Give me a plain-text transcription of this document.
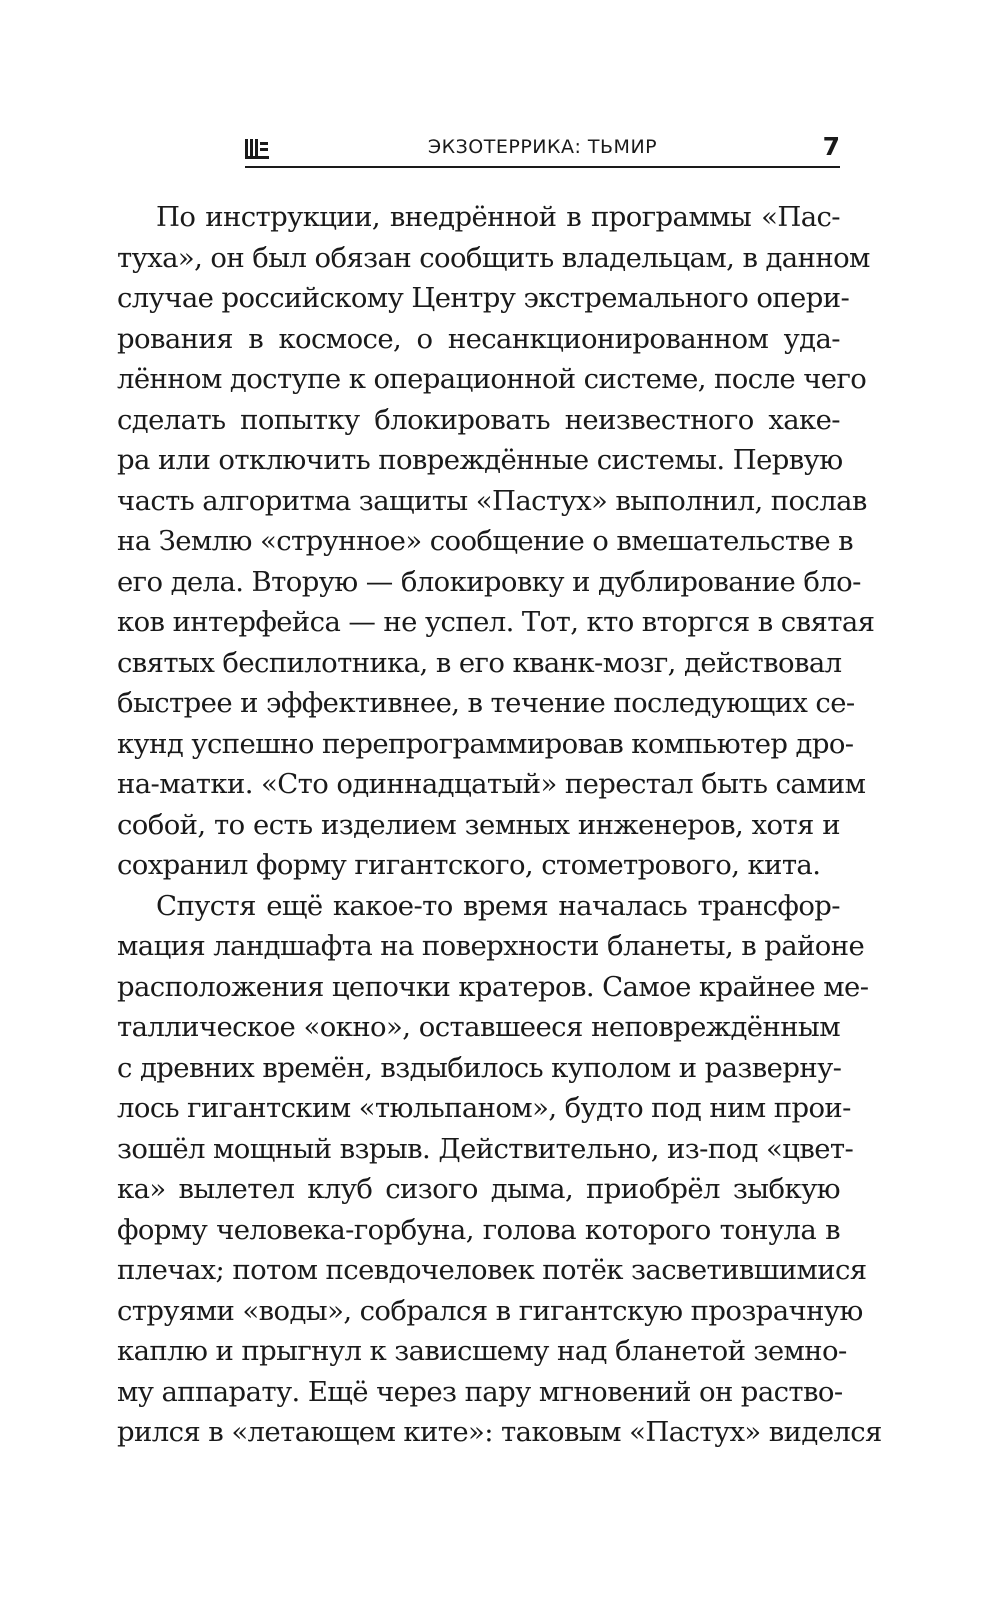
ЭКЗОТЕРРИКА: ТЬМИР	7
По инструкции, внедрённой в программы «Пас-
туха», он был обязан сообщить владельцам, в данном
случае российскому Центру экстремального опери-
рования в космосе, о несанкционированном уда-
лённом доступе к операционной системе, после чего
сделать попытку блокировать неизвестного хаке-
ра или отключить повреждённые системы. Первую
часть алгоритма защиты «Пастух» выполнил, послав
на Землю «струнное» сообщение о вмешательстве в
его дела. Вторую — блокировку и дублирование бло-
ков интерфейса — не успел. Тот, кто вторгся в святая
святых беспилотника, в его кванк-мозг, действовал
быстрее и эффективнее, в течение последующих се-
кунд успешно перепрограммировав компьютер дро-
на-матки. «Сто одиннадцатый» перестал быть самим
собой, то есть изделием земных инженеров, хотя и
сохранил форму гигантского, стометрового, кита.
Спустя ещё какое-то время началась трансфор-
мация ландшафта на поверхности бланеты, в районе
расположения цепочки кратеров. Самое крайнее ме-
таллическое «окно», оставшееся неповреждённым
с древних времён, вздыбилось куполом и разверну-
лось гигантским «тюльпаном», будто под ним прои-
зошёл мощный взрыв. Действительно, из-под «цвет-
ка» вылетел клуб сизого дыма, приобрёл зыбкую
форму человека-горбуна, голова которого тонула в
плечах; потом псевдочеловек потёк засветившимися
струями «воды», собрался в гигантскую прозрачную
каплю и прыгнул к зависшему над бланетой земно-
му аппарату. Ещё через пару мгновений он раство-
рился в «летающем ките»: таковым «Пастух» виделся
